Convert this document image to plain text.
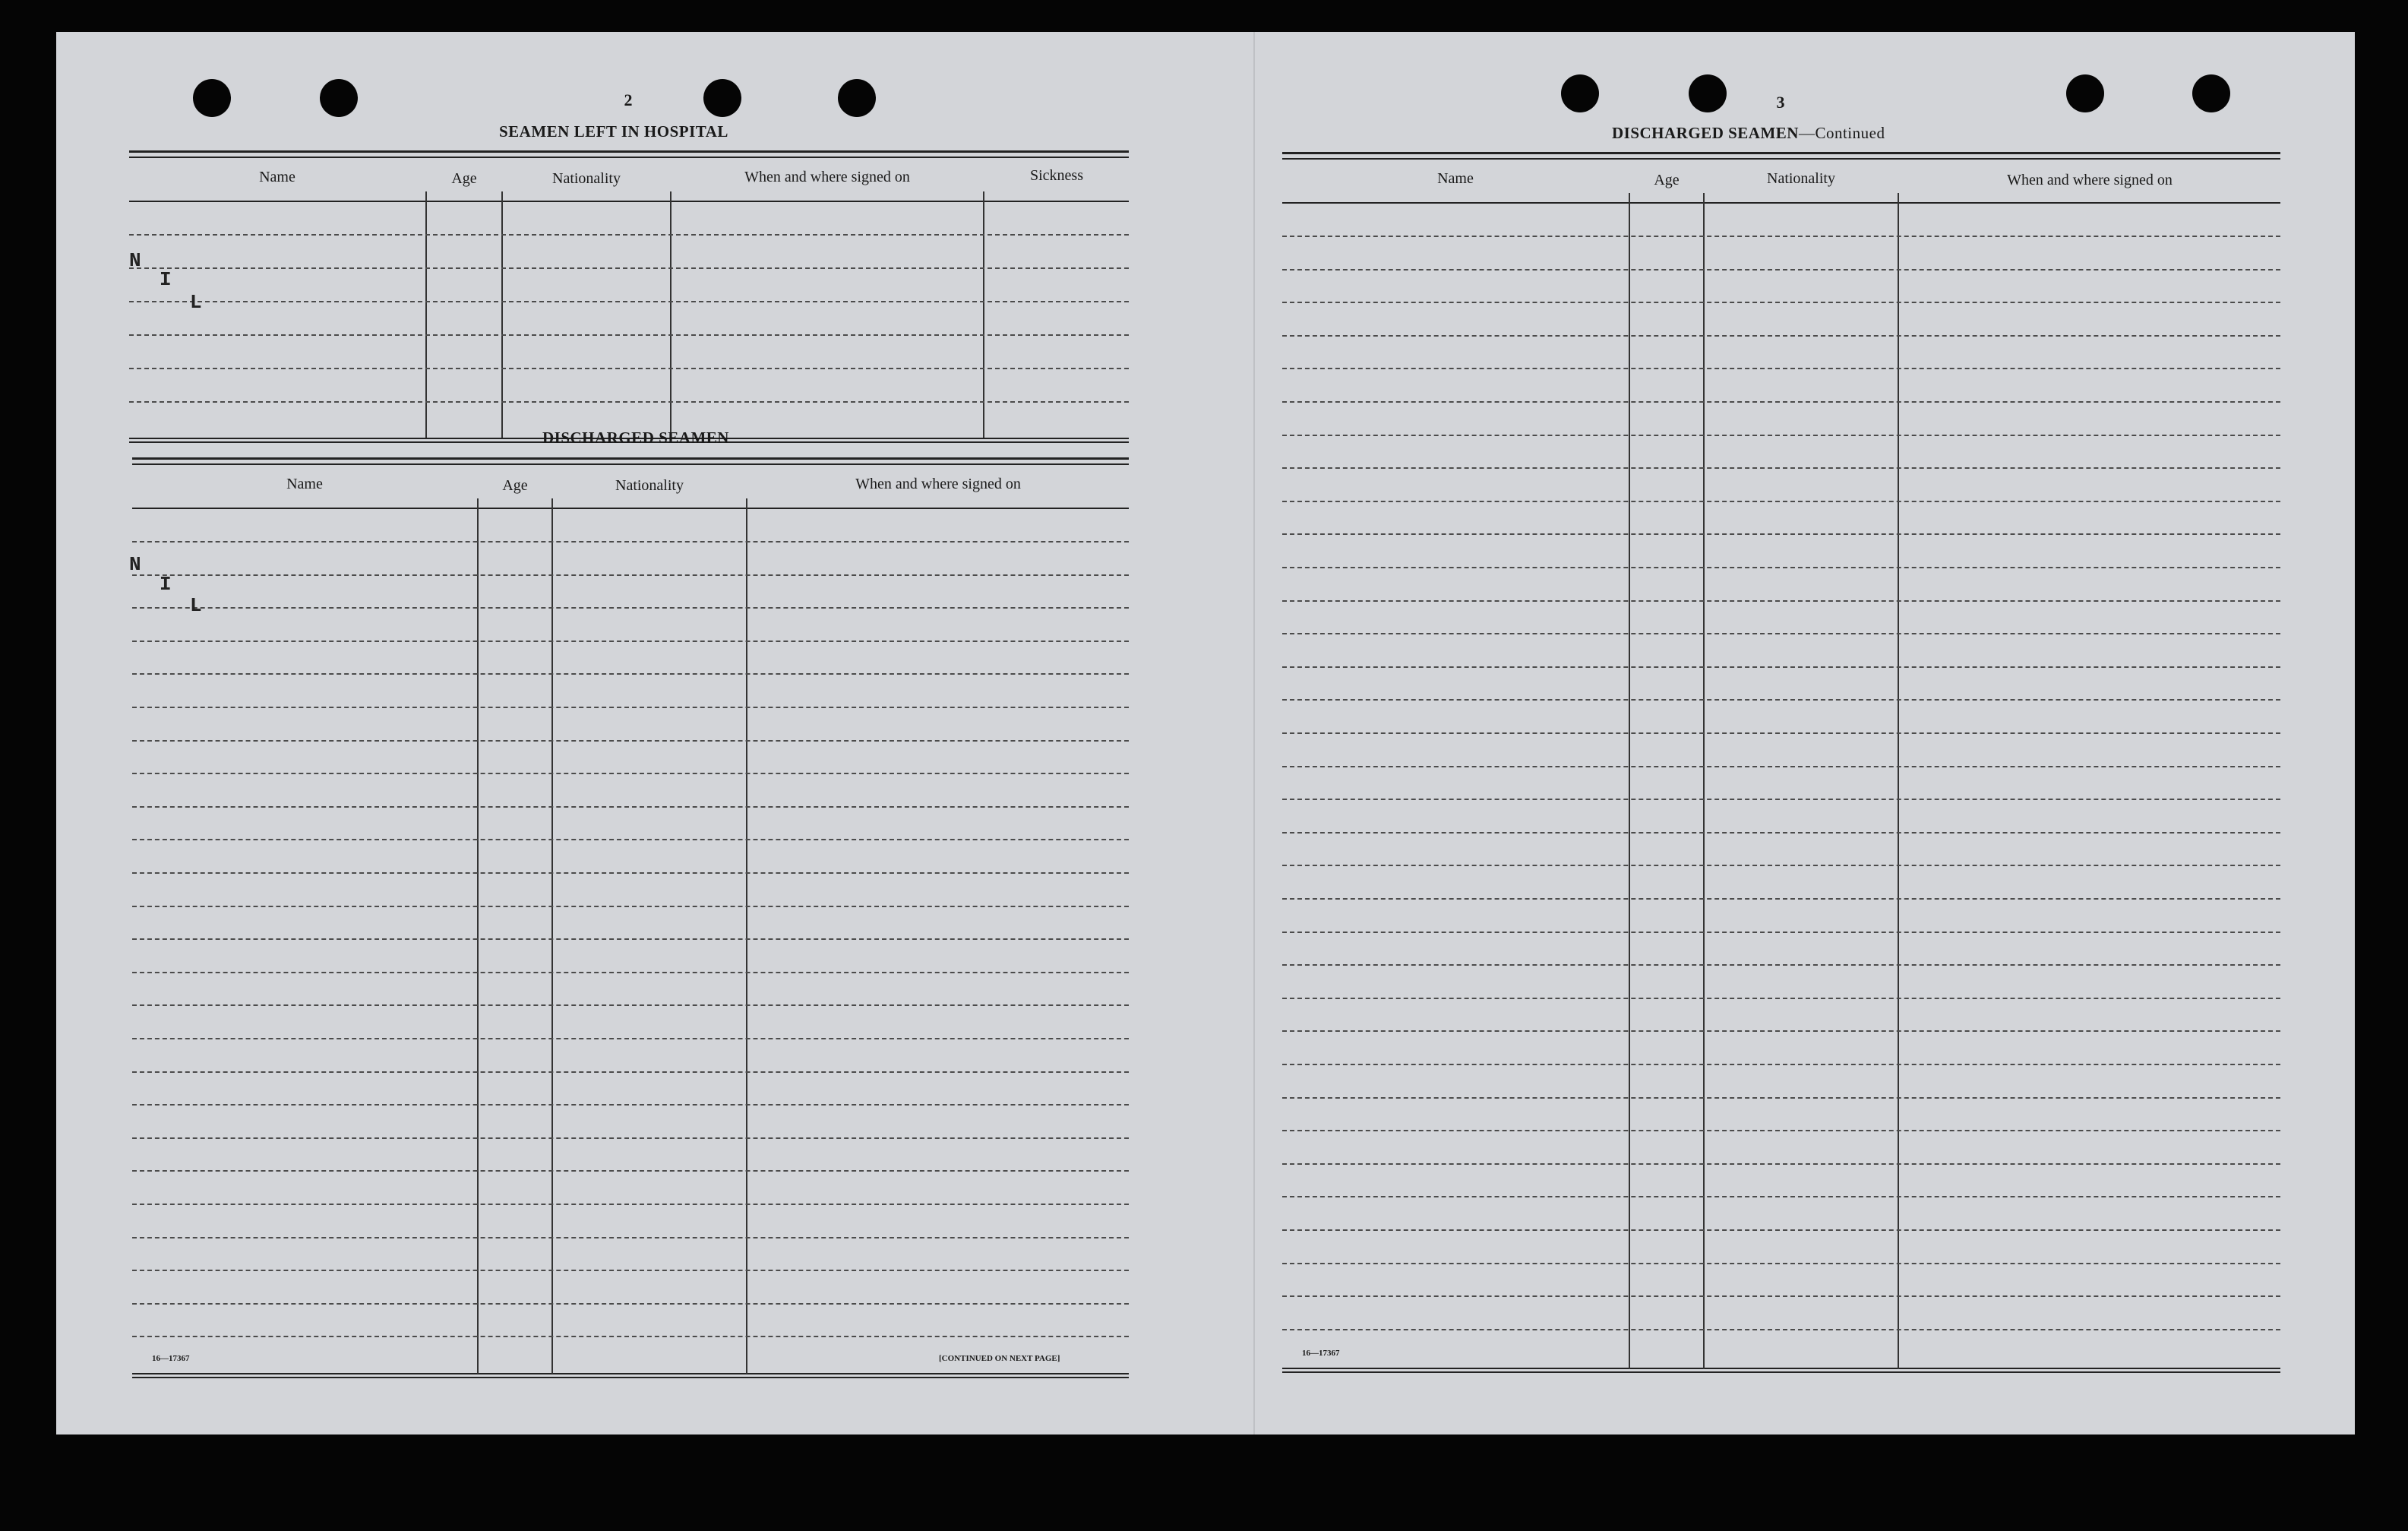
2
SEAMEN LEFT IN HOSPITAL
Name	Age	Nationality	When and where signed on	Sickness
N
I
L
DISCHARGED SEAMEN
Name	Age	Nationality	When and where signed on
N
I
L
16—17367	[CONTINUED ON NEXT PAGE]
3
DISCHARGED SEAMEN—Continued
Name	Age	Nationality	When and where signed on
16—17367
